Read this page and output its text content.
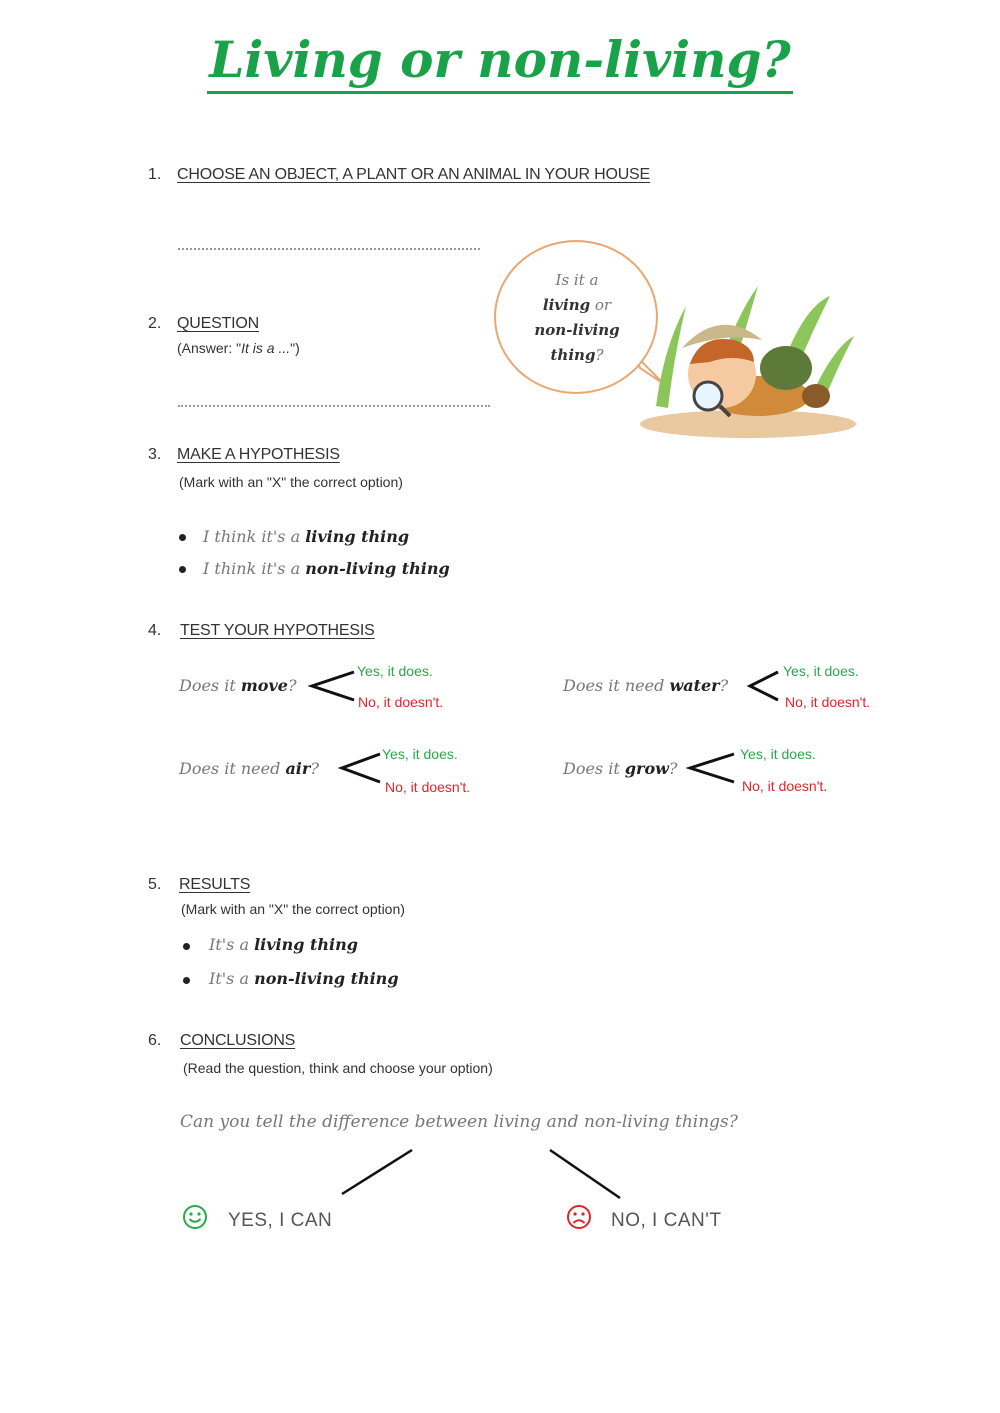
Living or non-living?
1. CHOOSE AN OBJECT, A PLANT OR AN ANIMAL IN YOUR HOUSE
2. QUESTION
(Answer: "It is a ...")
Is it a
living or
non-living
thing?
3. MAKE A HYPOTHESIS
(Mark with an "X" the correct option)
I think it's a living thing
I think it's a non-living thing
4. TEST YOUR HYPOTHESIS
Does it move?
Yes, it does.
No, it doesn't.
Does it need water?
Yes, it does.
No, it doesn't.
Does it need air?
Yes, it does.
No, it doesn't.
Does it grow?
Yes, it does.
No, it doesn't.
5. RESULTS
(Mark with an "X" the correct option)
It's a living thing
It's a non-living thing
6. CONCLUSIONS
(Read the question, think and choose your option)
Can you tell the difference between living and non-living things?
YES, I CAN	NO, I CAN'T
